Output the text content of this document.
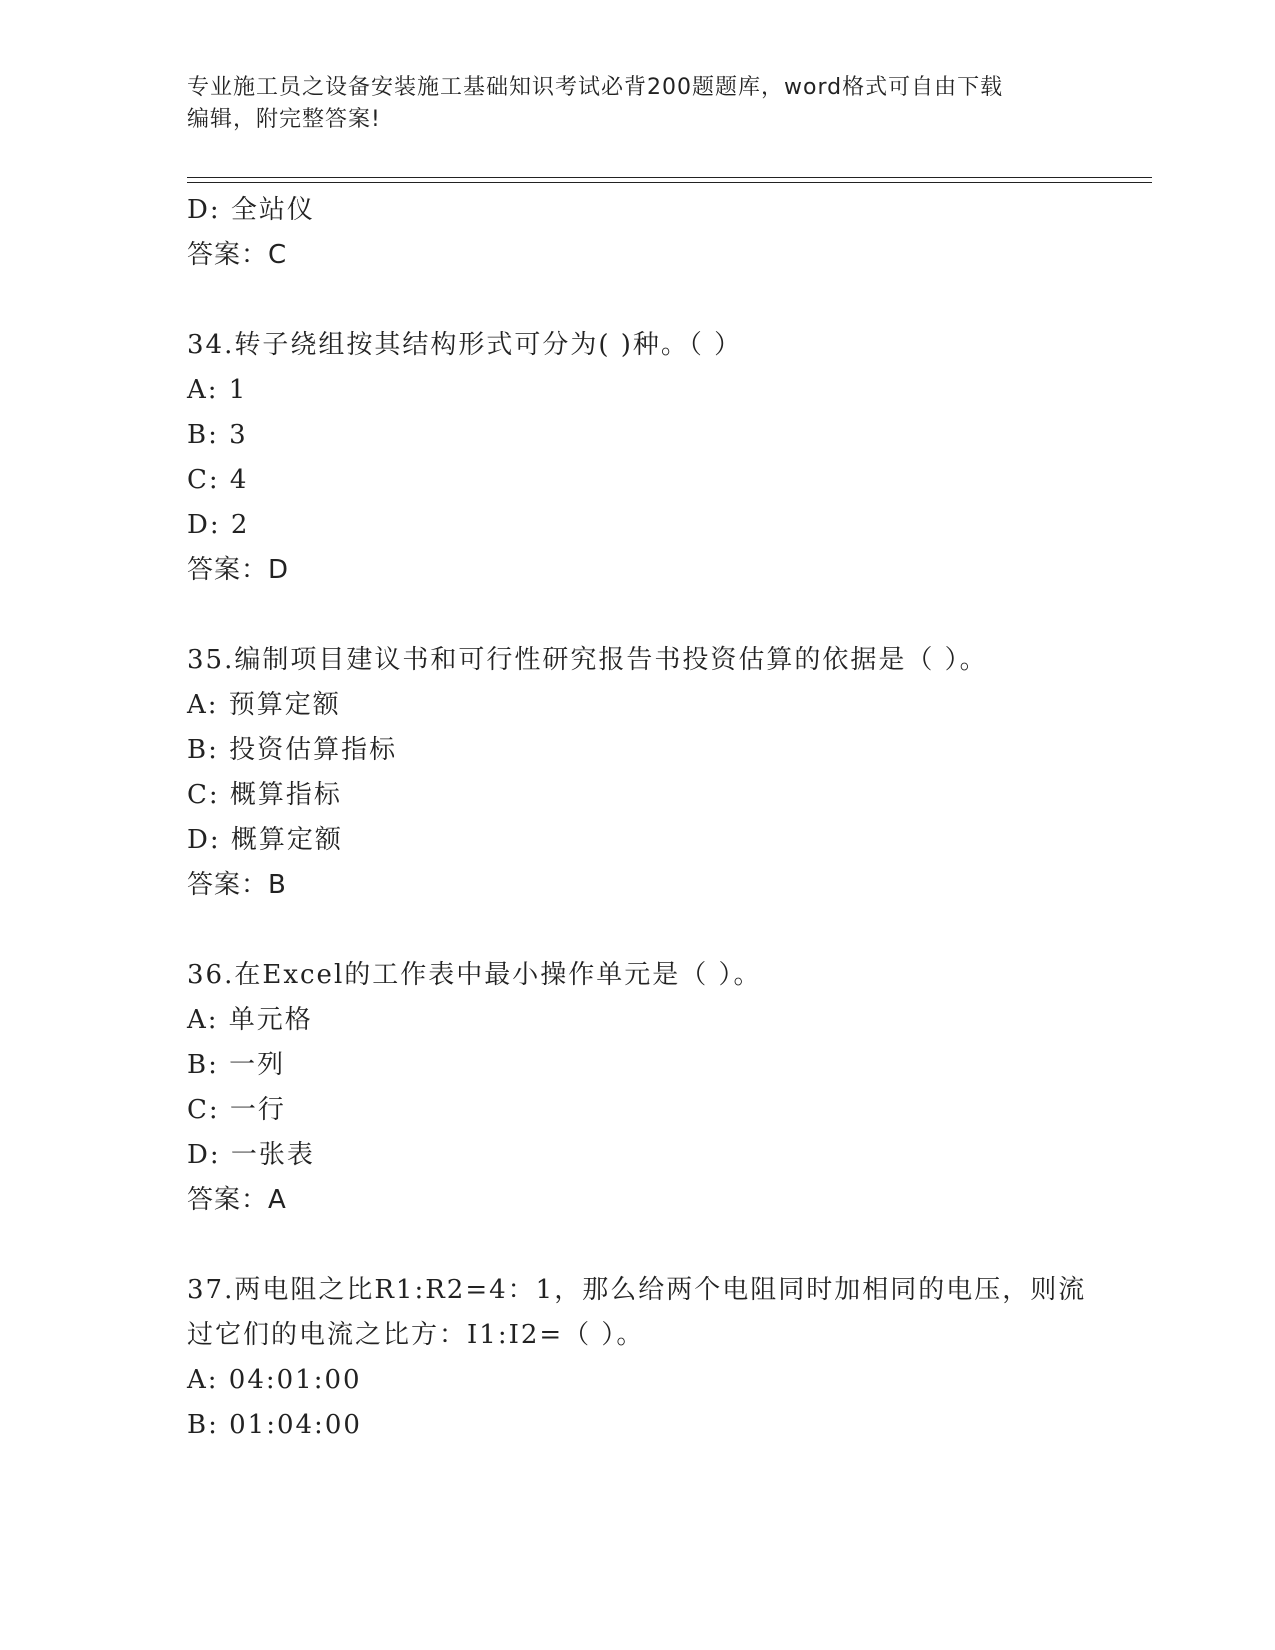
专业施工员之设备安装施工基础知识考试必背200题题库，word格式可自由下载
编辑，附完整答案!
D: 全站仪
答案：C
34.转子绕组按其结构形式可分为( )种。（ ）
A: 1
B: 3
C: 4
D: 2
答案：D
35.编制项目建议书和可行性研究报告书投资估算的依据是（ ）。
A: 预算定额
B: 投资估算指标
C: 概算指标
D: 概算定额
答案：B
36.在Excel的工作表中最小操作单元是（ ）。
A: 单元格
B: 一列
C: 一行
D: 一张表
答案：A
37.两电阻之比R1:R2=4：1，那么给两个电阻同时加相同的电压，则流
过它们的电流之比方：I1:I2=（ ）。
A: 04:01:00
B: 01:04:00
